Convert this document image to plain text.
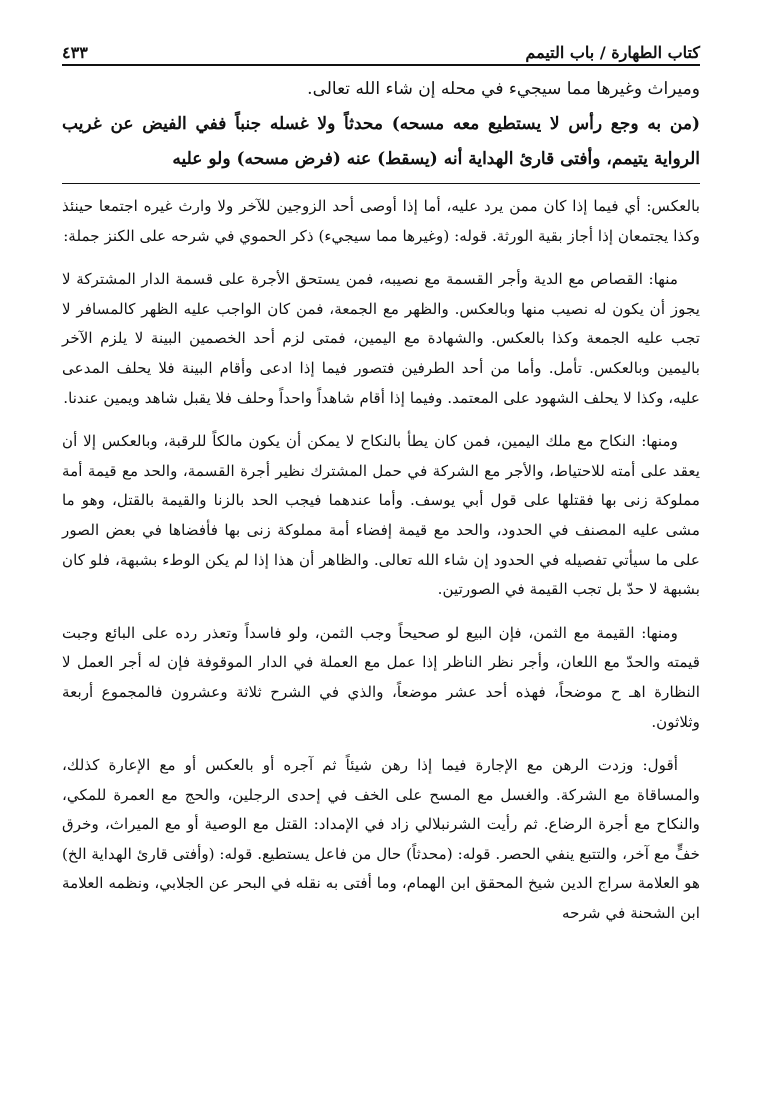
كتاب الطهارة / باب التيمم
٤٣٣

وميراث وغيرها مما سيجيء في محله إن شاء الله تعالى.

(من به وجع رأس لا يستطيع معه مسحه) محدثاً ولا غسله جنباً ففي الفيض عن غريب الرواية يتيمم، وأفتى قارئ الهداية أنه (يسقط) عنه (فرض مسحه) ولو عليه

بالعكس: أي فيما إذا كان ممن يرد عليه، أما إذا أوصى أحد الزوجين للآخر ولا وارث غيره اجتمعا حينئذ وكذا يجتمعان إذا أجاز بقية الورثة. قوله: (وغيرها مما سيجيء) ذكر الحموي في شرحه على الكنز جملة:

منها: القصاص مع الدية وأجر القسمة مع نصيبه، فمن يستحق الأجرة على قسمة الدار المشتركة لا يجوز أن يكون له نصيب منها وبالعكس. والظهر مع الجمعة، فمن كان الواجب عليه الظهر كالمسافر لا تجب عليه الجمعة وكذا بالعكس. والشهادة مع اليمين، فمتى لزم أحد الخصمين البينة لا يلزم الآخر باليمين وبالعكس. تأمل. وأما من أحد الطرفين فتصور فيما إذا ادعى وأقام البينة فلا يحلف المدعى عليه، وكذا لا يحلف الشهود على المعتمد. وفيما إذا أقام شاهداً واحداً وحلف فلا يقبل شاهد ويمين عندنا.

ومنها: النكاح مع ملك اليمين، فمن كان يطأ بالنكاح لا يمكن أن يكون مالكاً للرقبة، وبالعكس إلا أن يعقد على أمته للاحتياط، والأجر مع الشركة في حمل المشترك نظير أجرة القسمة، والحد مع قيمة أمة مملوكة زنى بها فقتلها على قول أبي يوسف. وأما عندهما فيجب الحد بالزنا والقيمة بالقتل، وهو ما مشى عليه المصنف في الحدود، والحد مع قيمة إفضاء أمة مملوكة زنى بها فأفضاها في بعض الصور على ما سيأتي تفصيله في الحدود إن شاء الله تعالى. والظاهر أن هذا إذا لم يكن الوطء بشبهة، فلو كان بشبهة لا حدّ بل تجب القيمة في الصورتين.

ومنها: القيمة مع الثمن، فإن البيع لو صحيحاً وجب الثمن، ولو فاسداً وتعذر رده على البائع وجبت قيمته والحدّ مع اللعان، وأجر نظر الناظر إذا عمل مع العملة في الدار الموقوفة فإن له أجر العمل لا النظارة اهـ ح موضحاً، فهذه أحد عشر موضعاً، والذي في الشرح ثلاثة وعشرون فالمجموع أربعة وثلاثون.

أقول: وزدت الرهن مع الإجارة فيما إذا رهن شيئاً ثم آجره أو بالعكس أو مع الإعارة كذلك، والمساقاة مع الشركة. والغسل مع المسح على الخف في إحدى الرجلين، والحج مع العمرة للمكي، والنكاح مع أجرة الرضاع. ثم رأيت الشرنبلالي زاد في الإمداد: القتل مع الوصية أو مع الميراث، وخرق خفٍّ مع آخر، والتتبع ينفي الحصر. قوله: (محدثاً) حال من فاعل يستطيع. قوله: (وأفتى قارئ الهداية الخ) هو العلامة سراج الدين شيخ المحقق ابن الهمام، وما أفتى به نقله في البحر عن الجلابي، ونظمه العلامة ابن الشحنة في شرحه
